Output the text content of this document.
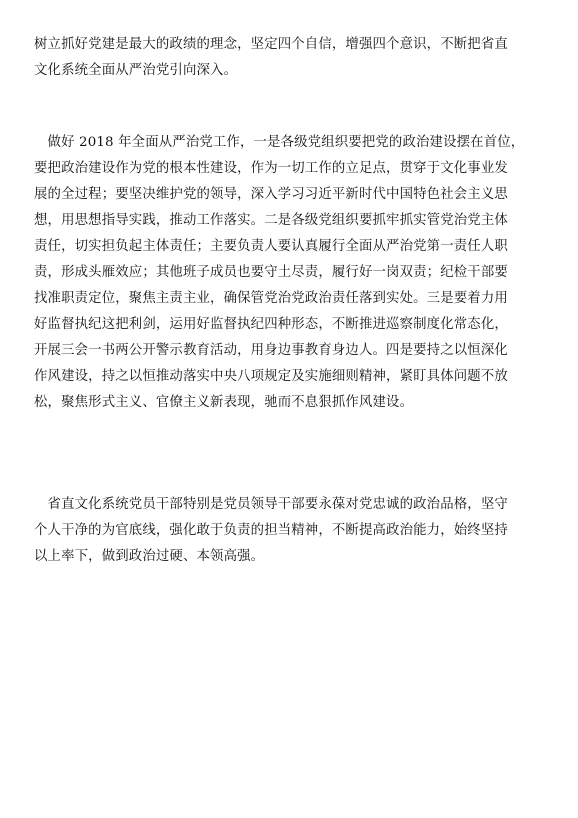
树立抓好党建是最大的政绩的理念，坚定四个自信，增强四个意识，不断把省直
文化系统全面从严治党引向深入。

　做好 2018 年全面从严治党工作，一是各级党组织要把党的政治建设摆在首位，
要把政治建设作为党的根本性建设，作为一切工作的立足点，贯穿于文化事业发
展的全过程；要坚决维护党的领导，深入学习习近平新时代中国特色社会主义思
想，用思想指导实践，推动工作落实。二是各级党组织要抓牢抓实管党治党主体
责任，切实担负起主体责任；主要负责人要认真履行全面从严治党第一责任人职
责，形成头雁效应；其他班子成员也要守土尽责，履行好一岗双责；纪检干部要
找准职责定位，聚焦主责主业，确保管党治党政治责任落到实处。三是要着力用
好监督执纪这把利剑，运用好监督执纪四种形态，不断推进巡察制度化常态化，
开展三会一书两公开警示教育活动，用身边事教育身边人。四是要持之以恒深化
作风建设，持之以恒推动落实中央八项规定及实施细则精神，紧盯具体问题不放
松，聚焦形式主义、官僚主义新表现，驰而不息狠抓作风建设。

　省直文化系统党员干部特别是党员领导干部要永葆对党忠诚的政治品格，坚守
个人干净的为官底线，强化敢于负责的担当精神，不断提高政治能力，始终坚持
以上率下，做到政治过硬、本领高强。
